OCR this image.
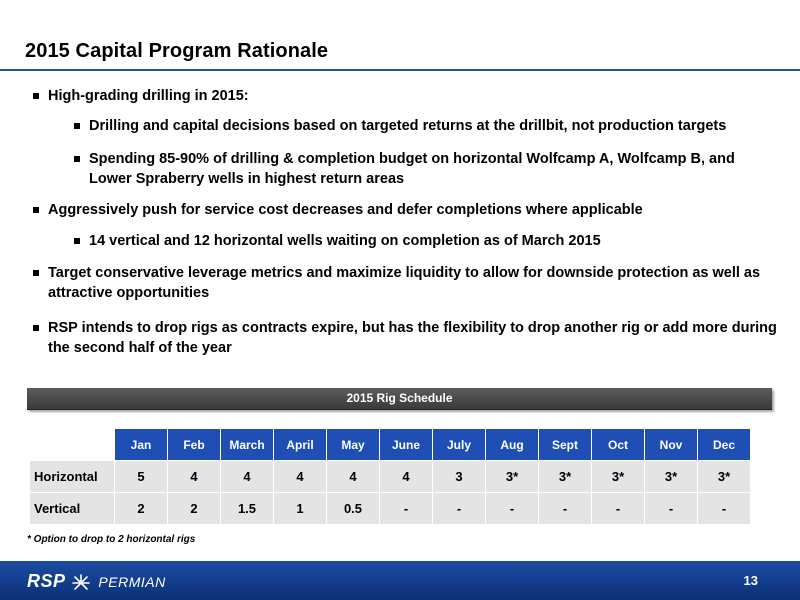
2015 Capital Program Rationale
High-grading drilling in 2015:
Drilling and capital decisions based on targeted returns at the drillbit, not production targets
Spending 85-90% of drilling & completion budget on horizontal Wolfcamp A, Wolfcamp B, and Lower Spraberry wells in highest return areas
Aggressively push for service cost decreases and defer completions where applicable
14 vertical and 12 horizontal wells waiting on completion as of March 2015
Target conservative leverage metrics and maximize liquidity to allow for downside protection as well as attractive opportunities
RSP intends to drop rigs as contracts expire, but has the flexibility to drop another rig or add more during the second half of the year
2015 Rig Schedule
	Jan	Feb	March	April	May	June	July	Aug	Sept	Oct	Nov	Dec
Horizontal	5	4	4	4	4	4	3	3*	3*	3*	3*	3*
Vertical	2	2	1.5	1	0.5	-	-	-	-	-	-	-
* Option to drop to 2 horizontal rigs
RSP PERMIAN	13
